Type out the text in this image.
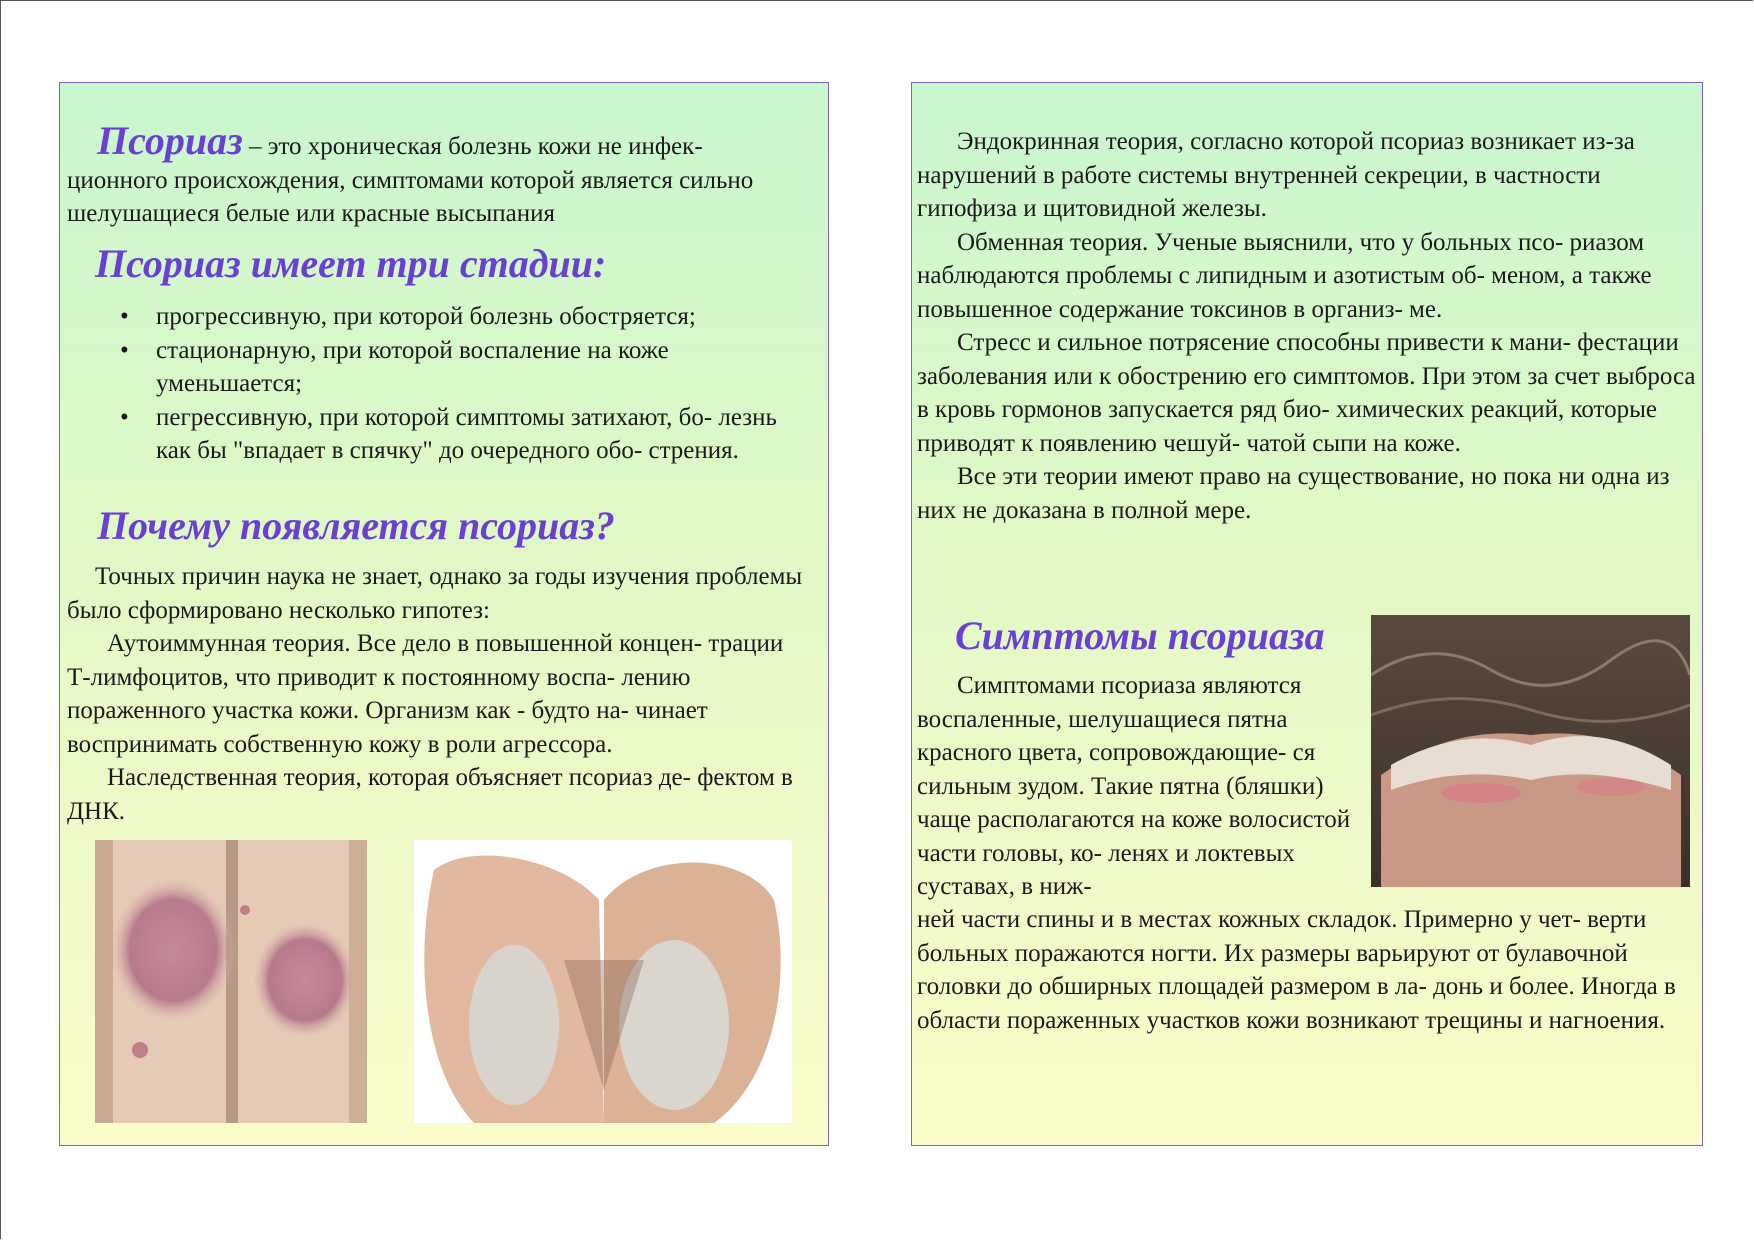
Псориаз – это хроническая болезнь кожи не инфек- ционного происхождения, симптомами которой является сильно шелушащиеся белые или красные высыпания

Псориаз имеет три стадии:
•	прогрессивную, при которой болезнь обостряется;
•	стационарную, при которой воспаление на коже уменьшается;
•	пегрессивную, при которой симптомы затихают, бо- лезнь как бы "впадает в спячку" до очередного обо- стрения.
Почему появляется псориаз?

Точных причин наука не знает, однако за годы изучения проблемы было сформировано несколько гипотез:

Аутоиммунная теория. Все дело в повышенной концен- трации Т-лимфоцитов, что приводит к постоянному воспа- лению пораженного участка кожи. Организм как - будто на- чинает воспринимать собственную кожу в роли агрессора.

Наследственная теория, которая объясняет псориаз де- фектом в ДНК.

Эндокринная теория, согласно которой псориаз возникает из-за нарушений в работе системы внутренней секреции, в частности гипофиза и щитовидной железы.

Обменная теория. Ученые выяснили, что у больных псо- риазом наблюдаются проблемы с липидным и азотистым об- меном, а также повышенное содержание токсинов в организ- ме.

Стресс и сильное потрясение способны привести к мани- фестации заболевания или к обострению его симптомов. При этом за счет выброса в кровь гормонов запускается ряд био- химических реакций, которые приводят к появлению чешуй- чатой сыпи на коже.

Все эти теории имеют право на существование, но пока ни одна из них не доказана в полной мере.

Симптомы псориаза

Симптомами псориаза являются воспаленные, шелушащиеся пятна красного цвета, сопровождающие- ся сильным зудом. Такие пятна (бляшки) чаще располагаются на коже волосистой части головы, ко- ленях и локтевых суставах, в ниж-

ней части спины и в местах кожных складок. Примерно у чет- верти больных поражаются ногти. Их размеры варьируют от булавочной головки до обширных площадей размером в ла- донь и более. Иногда в области пораженных участков кожи возникают трещины и нагноения.
